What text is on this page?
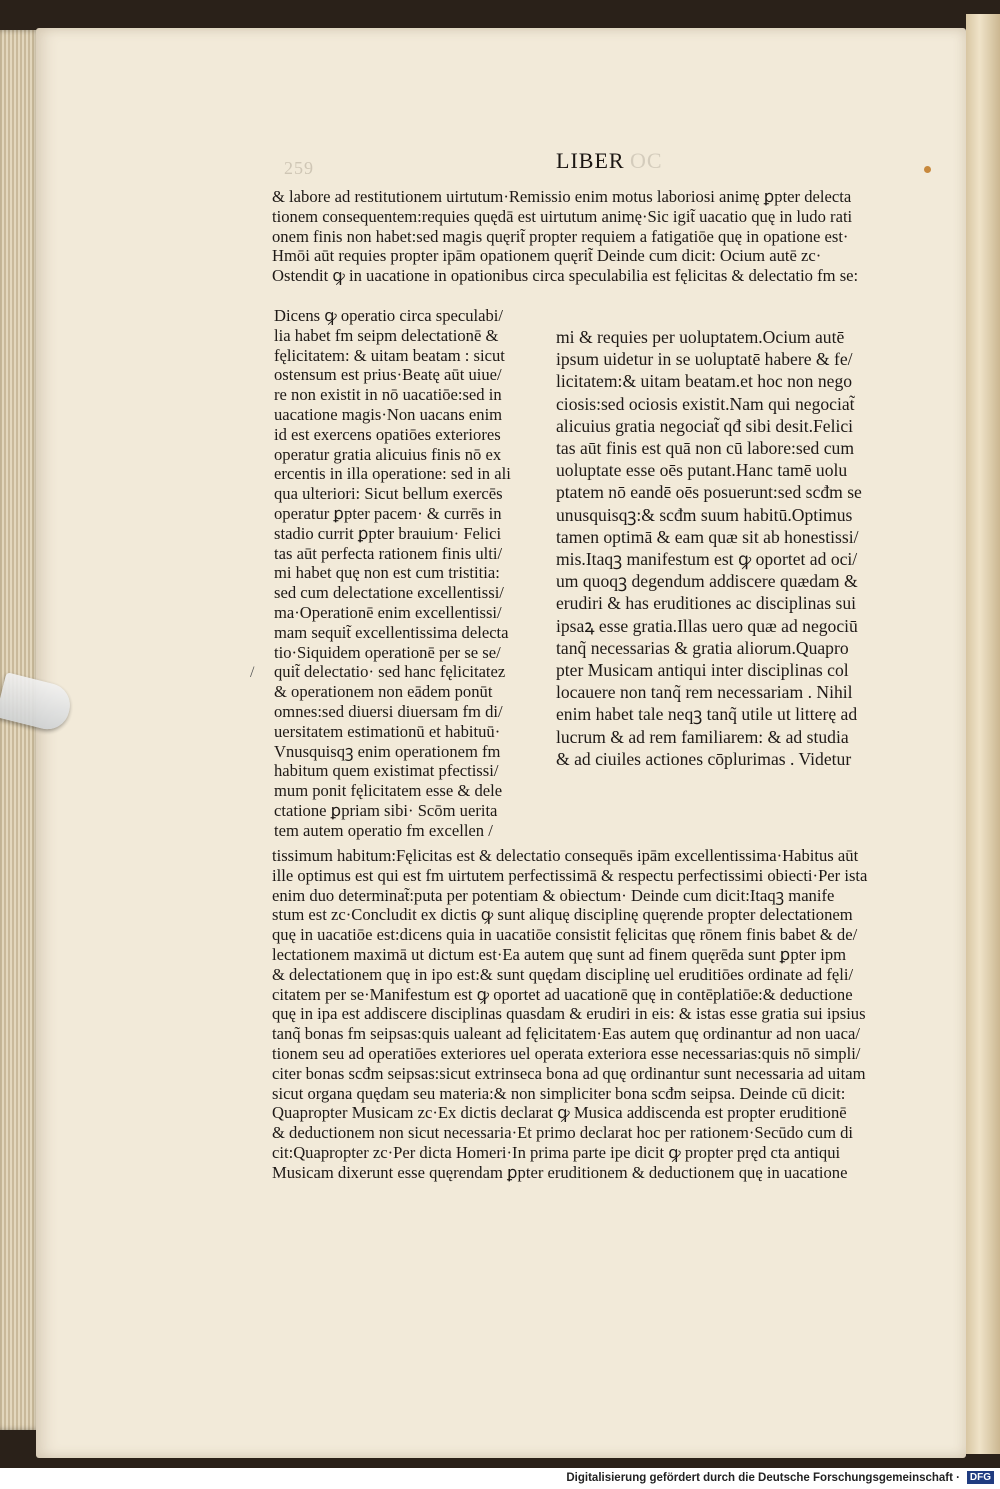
259	LIBER OC
& labore ad restitutionem uirtutum·Remissio enim motus laboriosi animę ꝑpter delecta
tionem consequentem:requies quędā est uirtutum animę·Sic igit̃ uacatio quę in ludo rati
onem finis non habet:sed magis quęrit̃ propter requiem a fatigatiōe quę in opatione est·
Hmōi aūt requies propter ipām opationem quęrit̃ Deinde cum dicit: Ocium autē zc·
Ostendit ꝙ in uacatione in opationibus circa speculabilia est fęlicitas & delectatio fm se:
Dicens ꝙ operatio circa speculabi/
lia habet fm seipm delectationē &
fęlicitatem: & uitam beatam : sicut
ostensum est prius·Beatę aūt uiue/
re non existit in nō uacatiōe:sed in
uacatione magis·Non uacans enim
id est exercens opatiōes exteriores
operatur gratia alicuius finis nō ex
ercentis in illa operatione: sed in ali
qua ulteriori: Sicut bellum exercēs
operatur ꝑpter pacem· & currēs in
stadio currit ꝑpter brauium· Felici
tas aūt perfecta rationem finis ulti/
mi habet quę non est cum tristitia:
sed cum delectatione excellentissi/
ma·Operationē enim excellentissi/
mam sequit̃ excellentissima delecta
tio·Siquidem operationē per se se/
quit̃ delectatio· sed hanc fęlicitatez
& operationem non eādem ponūt
omnes:sed diuersi diuersam fm di/
uersitatem estimationū et habituū·
Vnusquisqꝫ enim operationem fm
habitum quem existimat pfectissi/
mum ponit fęlicitatem esse & dele
ctatione ꝑpriam sibi· Scōm uerita
tem autem operatio fm excellen /
/
mi & requies per uoluptatem.Ocium autē
ipsum uidetur in se uoluptatē habere & fe/
licitatem:& uitam beatam.et hoc non nego
ciosis:sed ociosis existit.Nam qui negociat̃
alicuius gratia negociat̃ qđ sibi desit.Felici
tas aūt finis est quā non cū labore:sed cum
uoluptate esse oēs putant.Hanc tamē uolu
ptatem nō eandē oēs posuerunt:sed scđm se
unusquisqꝫ:& scđm suum habitū.Optimus
tamen optimā & eam quæ sit ab honestissi/
mis.Itaqꝫ manifestum est ꝙ oportet ad oci/
um quoqꝫ degendum addiscere quædam &
erudiri & has eruditiones ac disciplinas sui
ipsaꝝ esse gratia.Illas uero quæ ad negociū
tanq̃ necessarias & gratia aliorum.Quapro
pter Musicam antiqui inter disciplinas col
locauere non tanq̃ rem necessariam . Nihil
enim habet tale neqꝫ tanq̃ utile ut litterę ad
lucrum & ad rem familiarem: & ad studia
& ad ciuiles actiones cōplurimas . Videtur
tissimum habitum:Fęlicitas est & delectatio consequēs ipām excellentissima·Habitus aūt
ille optimus est qui est fm uirtutem perfectissimā & respectu perfectissimi obiecti·Per ista
enim duo determinat̃:puta per potentiam & obiectum· Deinde cum dicit:Itaqꝫ manife
stum est zc·Concludit ex dictis ꝙ sunt aliquę disciplinę quęrende propter delectationem
quę in uacatiōe est:dicens quia in uacatiōe consistit fęlicitas quę rōnem finis babet & de/
lectationem maximā ut dictum est·Ea autem quę sunt ad finem quęrēda sunt ꝑpter ipm
& delectationem quę in ipo est:& sunt quędam disciplinę uel eruditiōes ordinate ad fęli/
citatem per se·Manifestum est ꝙ oportet ad uacationē quę in contēplatiōe:& deductione
quę in ipa est addiscere disciplinas quasdam & erudiri in eis: & istas esse gratia sui ipsius
tanq̃ bonas fm seipsas:quis ualeant ad fęlicitatem·Eas autem quę ordinantur ad non uaca/
tionem seu ad operatiōes exteriores uel operata exteriora esse necessarias:quis nō simpli/
citer bonas scđm seipsas:sicut extrinseca bona ad quę ordinantur sunt necessaria ad uitam
sicut organa quędam seu materia:& non simpliciter bona scđm seipsa. Deinde cū dicit:
Quapropter Musicam zc·Ex dictis declarat ꝙ Musica addiscenda est propter eruditionē
& deductionem non sicut necessaria·Et primo declarat hoc per rationem·Secūdo cum di
cit:Quapropter zc·Per dicta Homeri·In prima parte ipe dicit ꝙ propter pręd cta antiqui
Musicam dixerunt esse quęrendam ꝑpter eruditionem & deductionem quę in uacatione
Digitalisierung gefördert durch die Deutsche Forschungsgemeinschaft · DFG
